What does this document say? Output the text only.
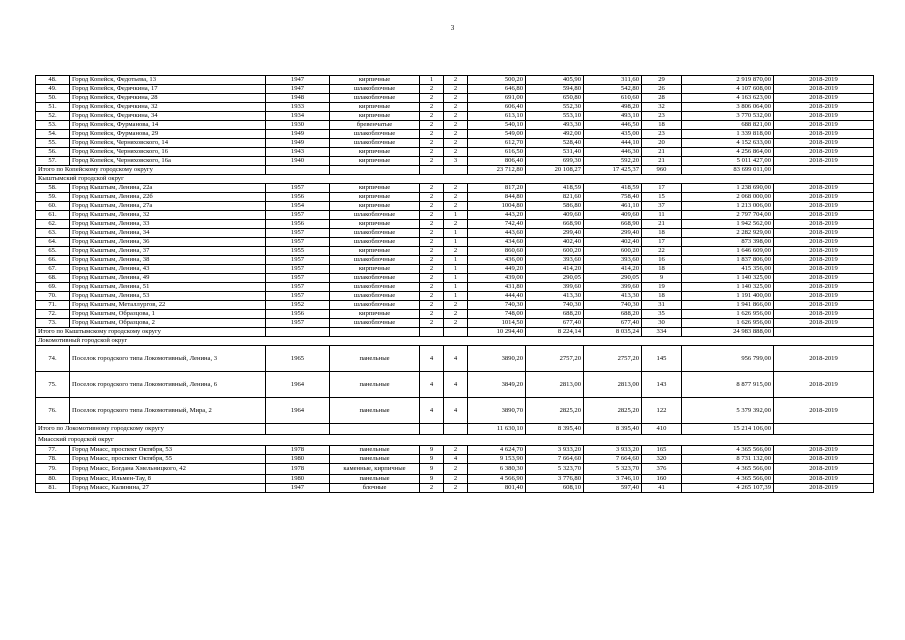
3
48.	Город Копейск, Федотьева, 13	1947	кирпичные	1	2	500,20	405,90	311,60	29	2 919 870,00	2018-2019
49.	Город Копейск, Федячкина, 17	1947	шлакоблочные	2	2	646,80	594,80	542,80	26	4 107 608,00	2018-2019
50.	Город Копейск, Федячкина, 28	1948	шлакоблочные	2	2	691,00	650,80	610,60	28	4 163 623,00	2018-2019
51.	Город Копейск, Федячкина, 32	1933	кирпичные	2	2	606,40	552,30	498,20	32	3 806 064,00	2018-2019
52.	Город Копейск, Федячкина, 34	1934	кирпичные	2	2	613,10	553,10	493,10	23	3 770 532,00	2018-2019
53.	Город Копейск, Фурманова, 14	1930	бревенчатые	2	2	540,10	493,30	446,50	18	688 821,00	2018-2019
54.	Город Копейск, Фурманова, 29	1949	шлакоблочные	2	2	549,00	492,00	435,00	23	1 339 818,00	2018-2019
55.	Город Копейск, Черняховского, 14	1949	шлакоблочные	2	2	612,70	528,40	444,10	20	4 152 633,00	2018-2019
56.	Город Копейск, Черняховского, 16	1943	кирпичные	2	2	616,50	531,40	446,30	21	4 256 864,00	2018-2019
57.	Город Копейск, Черняховского, 16а	1940	кирпичные	2	3	806,40	699,30	592,20	21	5 011 427,00	2018-2019
Итого по Копейскому городскому округу						23 712,80	20 108,27	17 425,37	960	83 699 011,00	
Кыштымский городской округ											
58.	Город Кыштым, Ленина, 22а	1957	кирпичные	2	2	817,20	418,59	418,59	17	1 238 690,00	2018-2019
59.	Город Кыштым, Ленина, 22б	1956	кирпичные	2	2	844,80	821,60	758,40	15	2 068 000,00	2018-2019
60.	Город Кыштым, Ленина, 27а	1954	кирпичные	2	2	1004,80	586,80	461,10	37	1 213 006,00	2018-2019
61.	Город Кыштым, Ленина, 32	1957	шлакоблочные	2	1	443,20	409,60	409,60	11	2 797 704,00	2018-2019
62.	Город Кыштым, Ленина, 33	1956	кирпичные	2	2	742,40	668,90	668,90	21	1 942 562,00	2018-2019
63.	Город Кыштым, Ленина, 34	1957	шлакоблочные	2	1	443,60	299,40	299,40	18	2 282 929,00	2018-2019
64.	Город Кыштым, Ленина, 36	1957	шлакоблочные	2	1	434,60	402,40	402,40	17	873 398,00	2018-2019
65.	Город Кыштым, Ленина, 37	1955	кирпичные	2	2	860,60	600,20	600,20	22	1 646 609,00	2018-2019
66.	Город Кыштым, Ленина, 38	1957	шлакоблочные	2	1	436,00	393,60	393,60	16	1 837 806,00	2018-2019
67.	Город Кыштым, Ленина, 43	1957	кирпичные	2	1	449,20	414,20	414,20	18	415 356,00	2018-2019
68.	Город Кыштым, Ленина, 49	1957	шлакоблочные	2	1	439,00	290,05	290,05	9	1 140 325,00	2018-2019
69.	Город Кыштым, Ленина, 51	1957	шлакоблочные	2	1	431,80	399,60	399,60	19	1 140 325,00	2018-2019
70.	Город Кыштым, Ленина, 53	1957	шлакоблочные	2	1	444,40	413,30	413,30	18	1 191 400,00	2018-2019
71.	Город Кыштым, Металлургов, 22	1952	шлакоблочные	2	2	740,30	740,30	740,30	31	1 941 866,00	2018-2019
72.	Город Кыштым, Образцова, 1	1956	кирпичные	2	2	748,00	688,20	688,20	35	1 626 956,00	2018-2019
73.	Город Кыштым, Образцова, 2	1957	шлакоблочные	2	2	1014,50	677,40	677,40	30	1 626 956,00	2018-2019
Итого по Кыштымскому городскому округу						10 294,40	8 224,14	8 035,24	334	24 983 888,00	
Локомотивный городской округ											
74.	Поселок городского типа Локомотивный, Ленина, 3	1965	панельные	4	4	3890,20	2757,20	2757,20	145	956 799,00	2018-2019
75.	Поселок городского типа Локомотивный, Ленина, 6	1964	панельные	4	4	3849,20	2813,00	2813,00	143	8 877 915,00	2018-2019
76.	Поселок городского типа Локомотивный, Мира, 2	1964	панельные	4	4	3890,70	2825,20	2825,20	122	5 379 392,00	2018-2019
Итого по Локомотивному городскому округу						11 630,10	8 395,40	8 395,40	410	15 214 106,00	
Миасский городской округ											
77.	Город Миасс, проспект Октября, 53	1978	панельные	9	2	4 624,70	3 933,20	3 933,20	165	4 365 566,00	2018-2019
78.	Город Миасс, проспект Октября, 55	1980	панельные	9	4	9 153,90	7 664,60	7 664,60	320	8 731 132,00	2018-2019
79.	Город Миасс, Богдана Хмельницкого, 42	1978	каменные, кирпичные	9	2	6 380,30	5 323,70	5 323,70	376	4 365 566,00	2018-2019
80.	Город Миасс, Ильмен-Тау, 8	1980	панельные	9	2	4 566,90	3 776,80	3 746,10	160	4 365 566,00	2018-2019
81.	Город Миасс, Калинина, 27	1947	блочные	2	2	801,40	608,10	597,40	41	4 265 107,39	2018-2019
